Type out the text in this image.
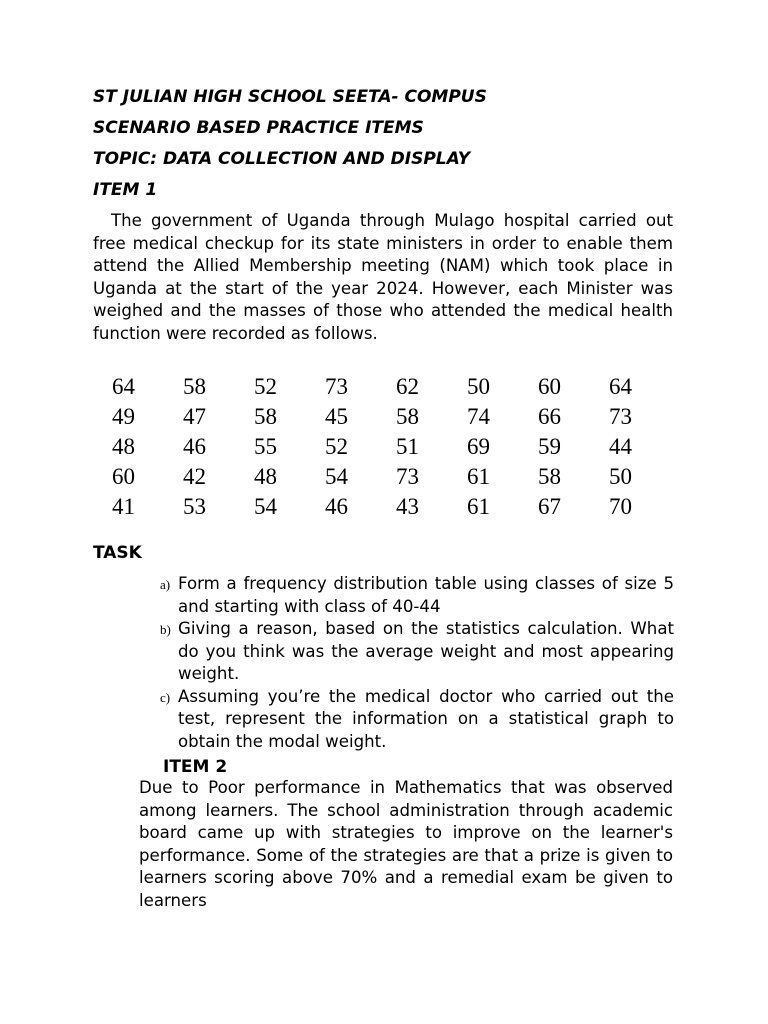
ST JULIAN HIGH SCHOOL SEETA- COMPUS
SCENARIO BASED PRACTICE ITEMS
TOPIC: DATA COLLECTION AND DISPLAY
ITEM 1
The government of Uganda through Mulago hospital carried out free medical checkup for its state ministers in order to enable them attend the Allied Membership meeting (NAM) which took place in Uganda at the start of the year 2024. However, each Minister was weighed and the masses of those who attended the medical health function were recorded as follows.
64	58	52	73	62	50	60	64
49	47	58	45	58	74	66	73
48	46	55	52	51	69	59	44
60	42	48	54	73	61	58	50
41	53	54	46	43	61	67	70
TASK
a) Form a frequency distribution table using classes of size 5 and starting with class of 40-44
b) Giving a reason, based on the statistics calculation. What do you think was the average weight and most appearing weight.
c) Assuming you’re the medical doctor who carried out the test, represent the information on a statistical graph to obtain the modal weight.
ITEM 2
Due to Poor performance in Mathematics that was observed among learners. The school administration through academic board came up with strategies to improve on the learner's performance. Some of the strategies are that a prize is given to learners scoring above 70% and a remedial exam be given to learners
